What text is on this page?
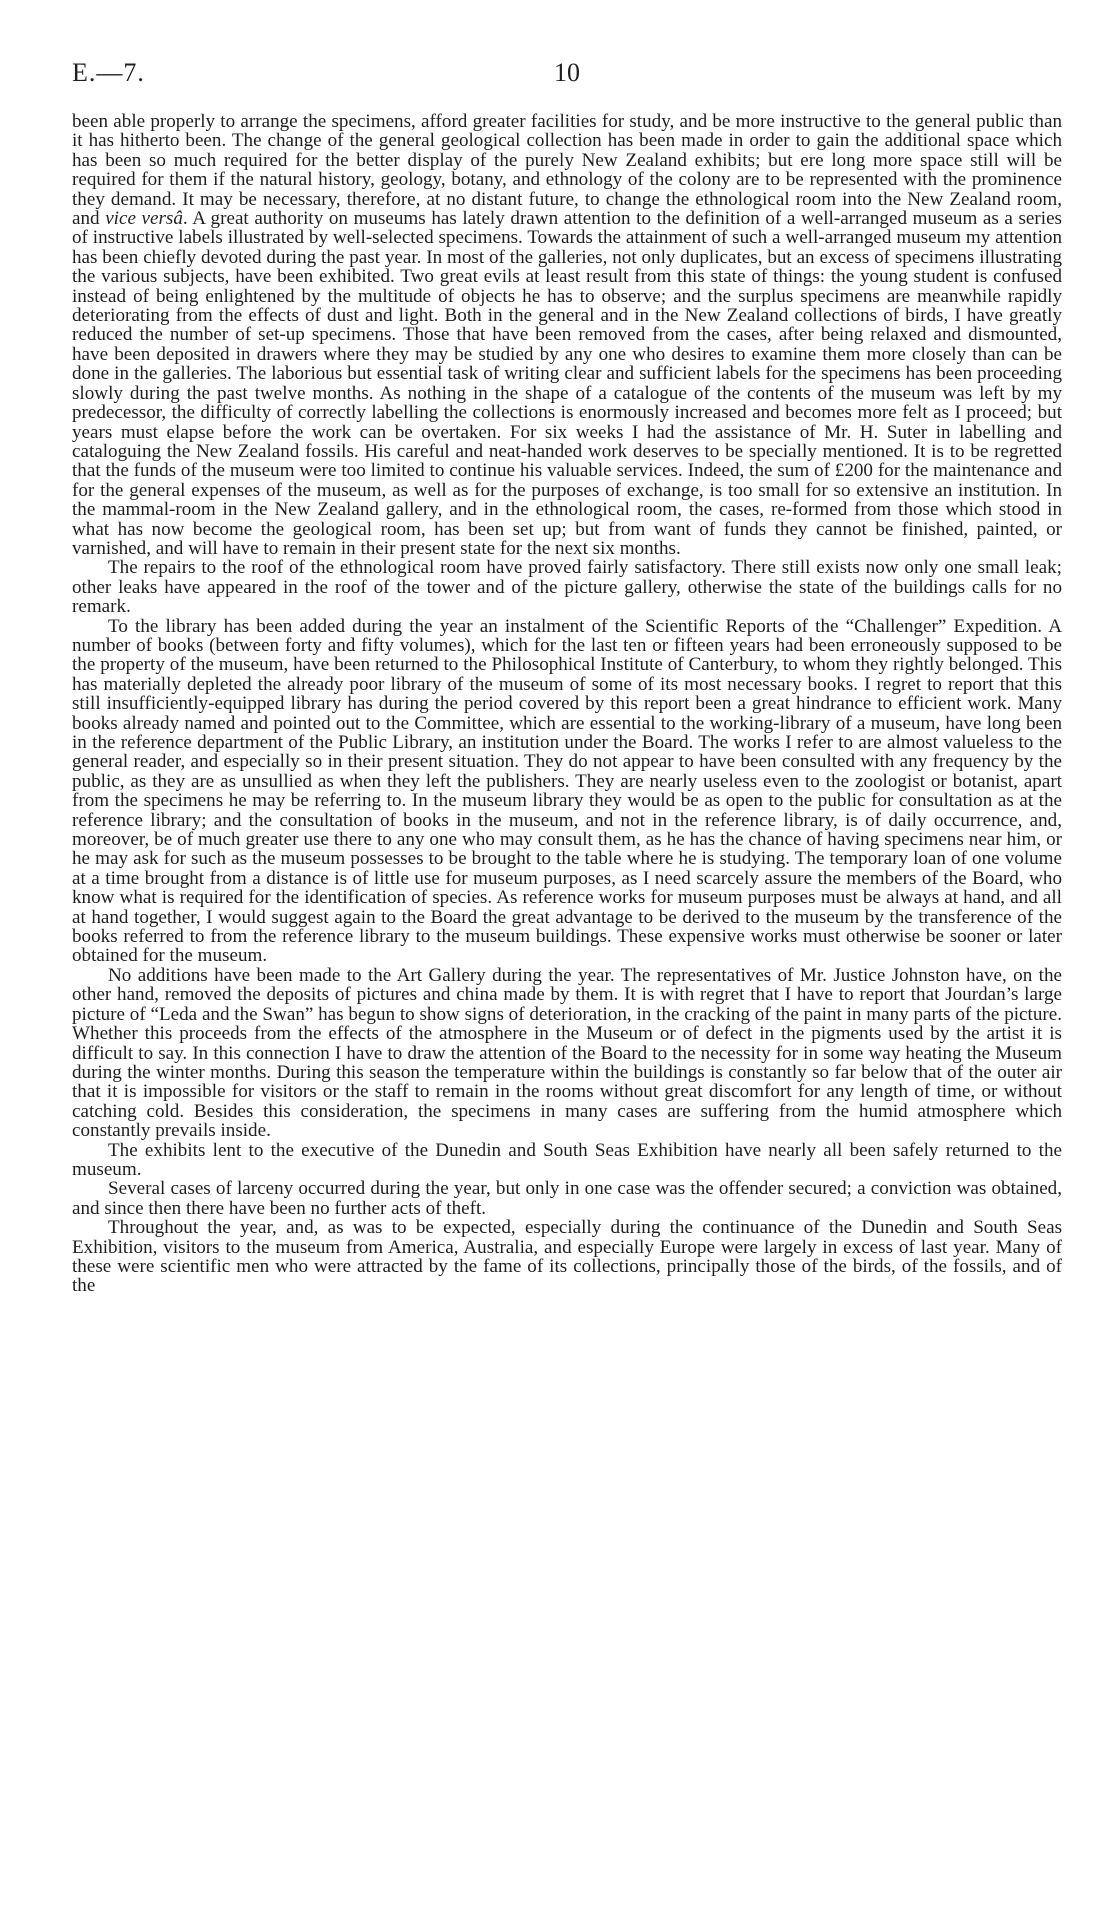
E.—7.	10

been able properly to arrange the specimens, afford greater facilities for study, and be more instructive to the general public than it has hitherto been. The change of the general geological collection has been made in order to gain the additional space which has been so much required for the better display of the purely New Zealand exhibits; but ere long more space still will be required for them if the natural history, geology, botany, and ethnology of the colony are to be represented with the prominence they demand. It may be necessary, therefore, at no distant future, to change the ethnological room into the New Zealand room, and vice versâ. A great authority on museums has lately drawn attention to the definition of a well-arranged museum as a series of instructive labels illustrated by well-selected specimens. Towards the attainment of such a well-arranged museum my attention has been chiefly devoted during the past year. In most of the galleries, not only duplicates, but an excess of specimens illustrating the various subjects, have been exhibited. Two great evils at least result from this state of things: the young student is confused instead of being enlightened by the multitude of objects he has to observe; and the surplus specimens are meanwhile rapidly deteriorating from the effects of dust and light. Both in the general and in the New Zealand collections of birds, I have greatly reduced the number of set-up specimens. Those that have been removed from the cases, after being relaxed and dismounted, have been deposited in drawers where they may be studied by any one who desires to examine them more closely than can be done in the galleries. The laborious but essential task of writing clear and sufficient labels for the specimens has been proceeding slowly during the past twelve months. As nothing in the shape of a catalogue of the contents of the museum was left by my predecessor, the difficulty of correctly labelling the collections is enormously increased and becomes more felt as I proceed; but years must elapse before the work can be overtaken. For six weeks I had the assistance of Mr. H. Suter in labelling and cataloguing the New Zealand fossils. His careful and neat-handed work deserves to be specially mentioned. It is to be regretted that the funds of the museum were too limited to continue his valuable services. Indeed, the sum of £200 for the maintenance and for the general expenses of the museum, as well as for the purposes of exchange, is too small for so extensive an institution. In the mammal-room in the New Zealand gallery, and in the ethnological room, the cases, re-formed from those which stood in what has now become the geological room, has been set up; but from want of funds they cannot be finished, painted, or varnished, and will have to remain in their present state for the next six months.

The repairs to the roof of the ethnological room have proved fairly satisfactory. There still exists now only one small leak; other leaks have appeared in the roof of the tower and of the picture gallery, otherwise the state of the buildings calls for no remark.

To the library has been added during the year an instalment of the Scientific Reports of the “Challenger” Expedition. A number of books (between forty and fifty volumes), which for the last ten or fifteen years had been erroneously supposed to be the property of the museum, have been returned to the Philosophical Institute of Canterbury, to whom they rightly belonged. This has materially depleted the already poor library of the museum of some of its most necessary books. I regret to report that this still insufficiently-equipped library has during the period covered by this report been a great hindrance to efficient work. Many books already named and pointed out to the Committee, which are essential to the working-library of a museum, have long been in the reference department of the Public Library, an institution under the Board. The works I refer to are almost valueless to the general reader, and especially so in their present situation. They do not appear to have been consulted with any frequency by the public, as they are as unsullied as when they left the publishers. They are nearly useless even to the zoologist or botanist, apart from the specimens he may be referring to. In the museum library they would be as open to the public for consultation as at the reference library; and the consultation of books in the museum, and not in the reference library, is of daily occurrence, and, moreover, be of much greater use there to any one who may consult them, as he has the chance of having specimens near him, or he may ask for such as the museum possesses to be brought to the table where he is studying. The temporary loan of one volume at a time brought from a distance is of little use for museum purposes, as I need scarcely assure the members of the Board, who know what is required for the identification of species. As reference works for museum purposes must be always at hand, and all at hand together, I would suggest again to the Board the great advantage to be derived to the museum by the transference of the books referred to from the reference library to the museum buildings. These expensive works must otherwise be sooner or later obtained for the museum.

No additions have been made to the Art Gallery during the year. The representatives of Mr. Justice Johnston have, on the other hand, removed the deposits of pictures and china made by them. It is with regret that I have to report that Jourdan’s large picture of “Leda and the Swan” has begun to show signs of deterioration, in the cracking of the paint in many parts of the picture. Whether this proceeds from the effects of the atmosphere in the Museum or of defect in the pigments used by the artist it is difficult to say. In this connection I have to draw the attention of the Board to the necessity for in some way heating the Museum during the winter months. During this season the temperature within the buildings is constantly so far below that of the outer air that it is impossible for visitors or the staff to remain in the rooms without great discomfort for any length of time, or without catching cold. Besides this consideration, the specimens in many cases are suffering from the humid atmosphere which constantly prevails inside.

The exhibits lent to the executive of the Dunedin and South Seas Exhibition have nearly all been safely returned to the museum.

Several cases of larceny occurred during the year, but only in one case was the offender secured; a conviction was obtained, and since then there have been no further acts of theft.

Throughout the year, and, as was to be expected, especially during the continuance of the Dunedin and South Seas Exhibition, visitors to the museum from America, Australia, and especially Europe were largely in excess of last year. Many of these were scientific men who were attracted by the fame of its collections, principally those of the birds, of the fossils, and of the
